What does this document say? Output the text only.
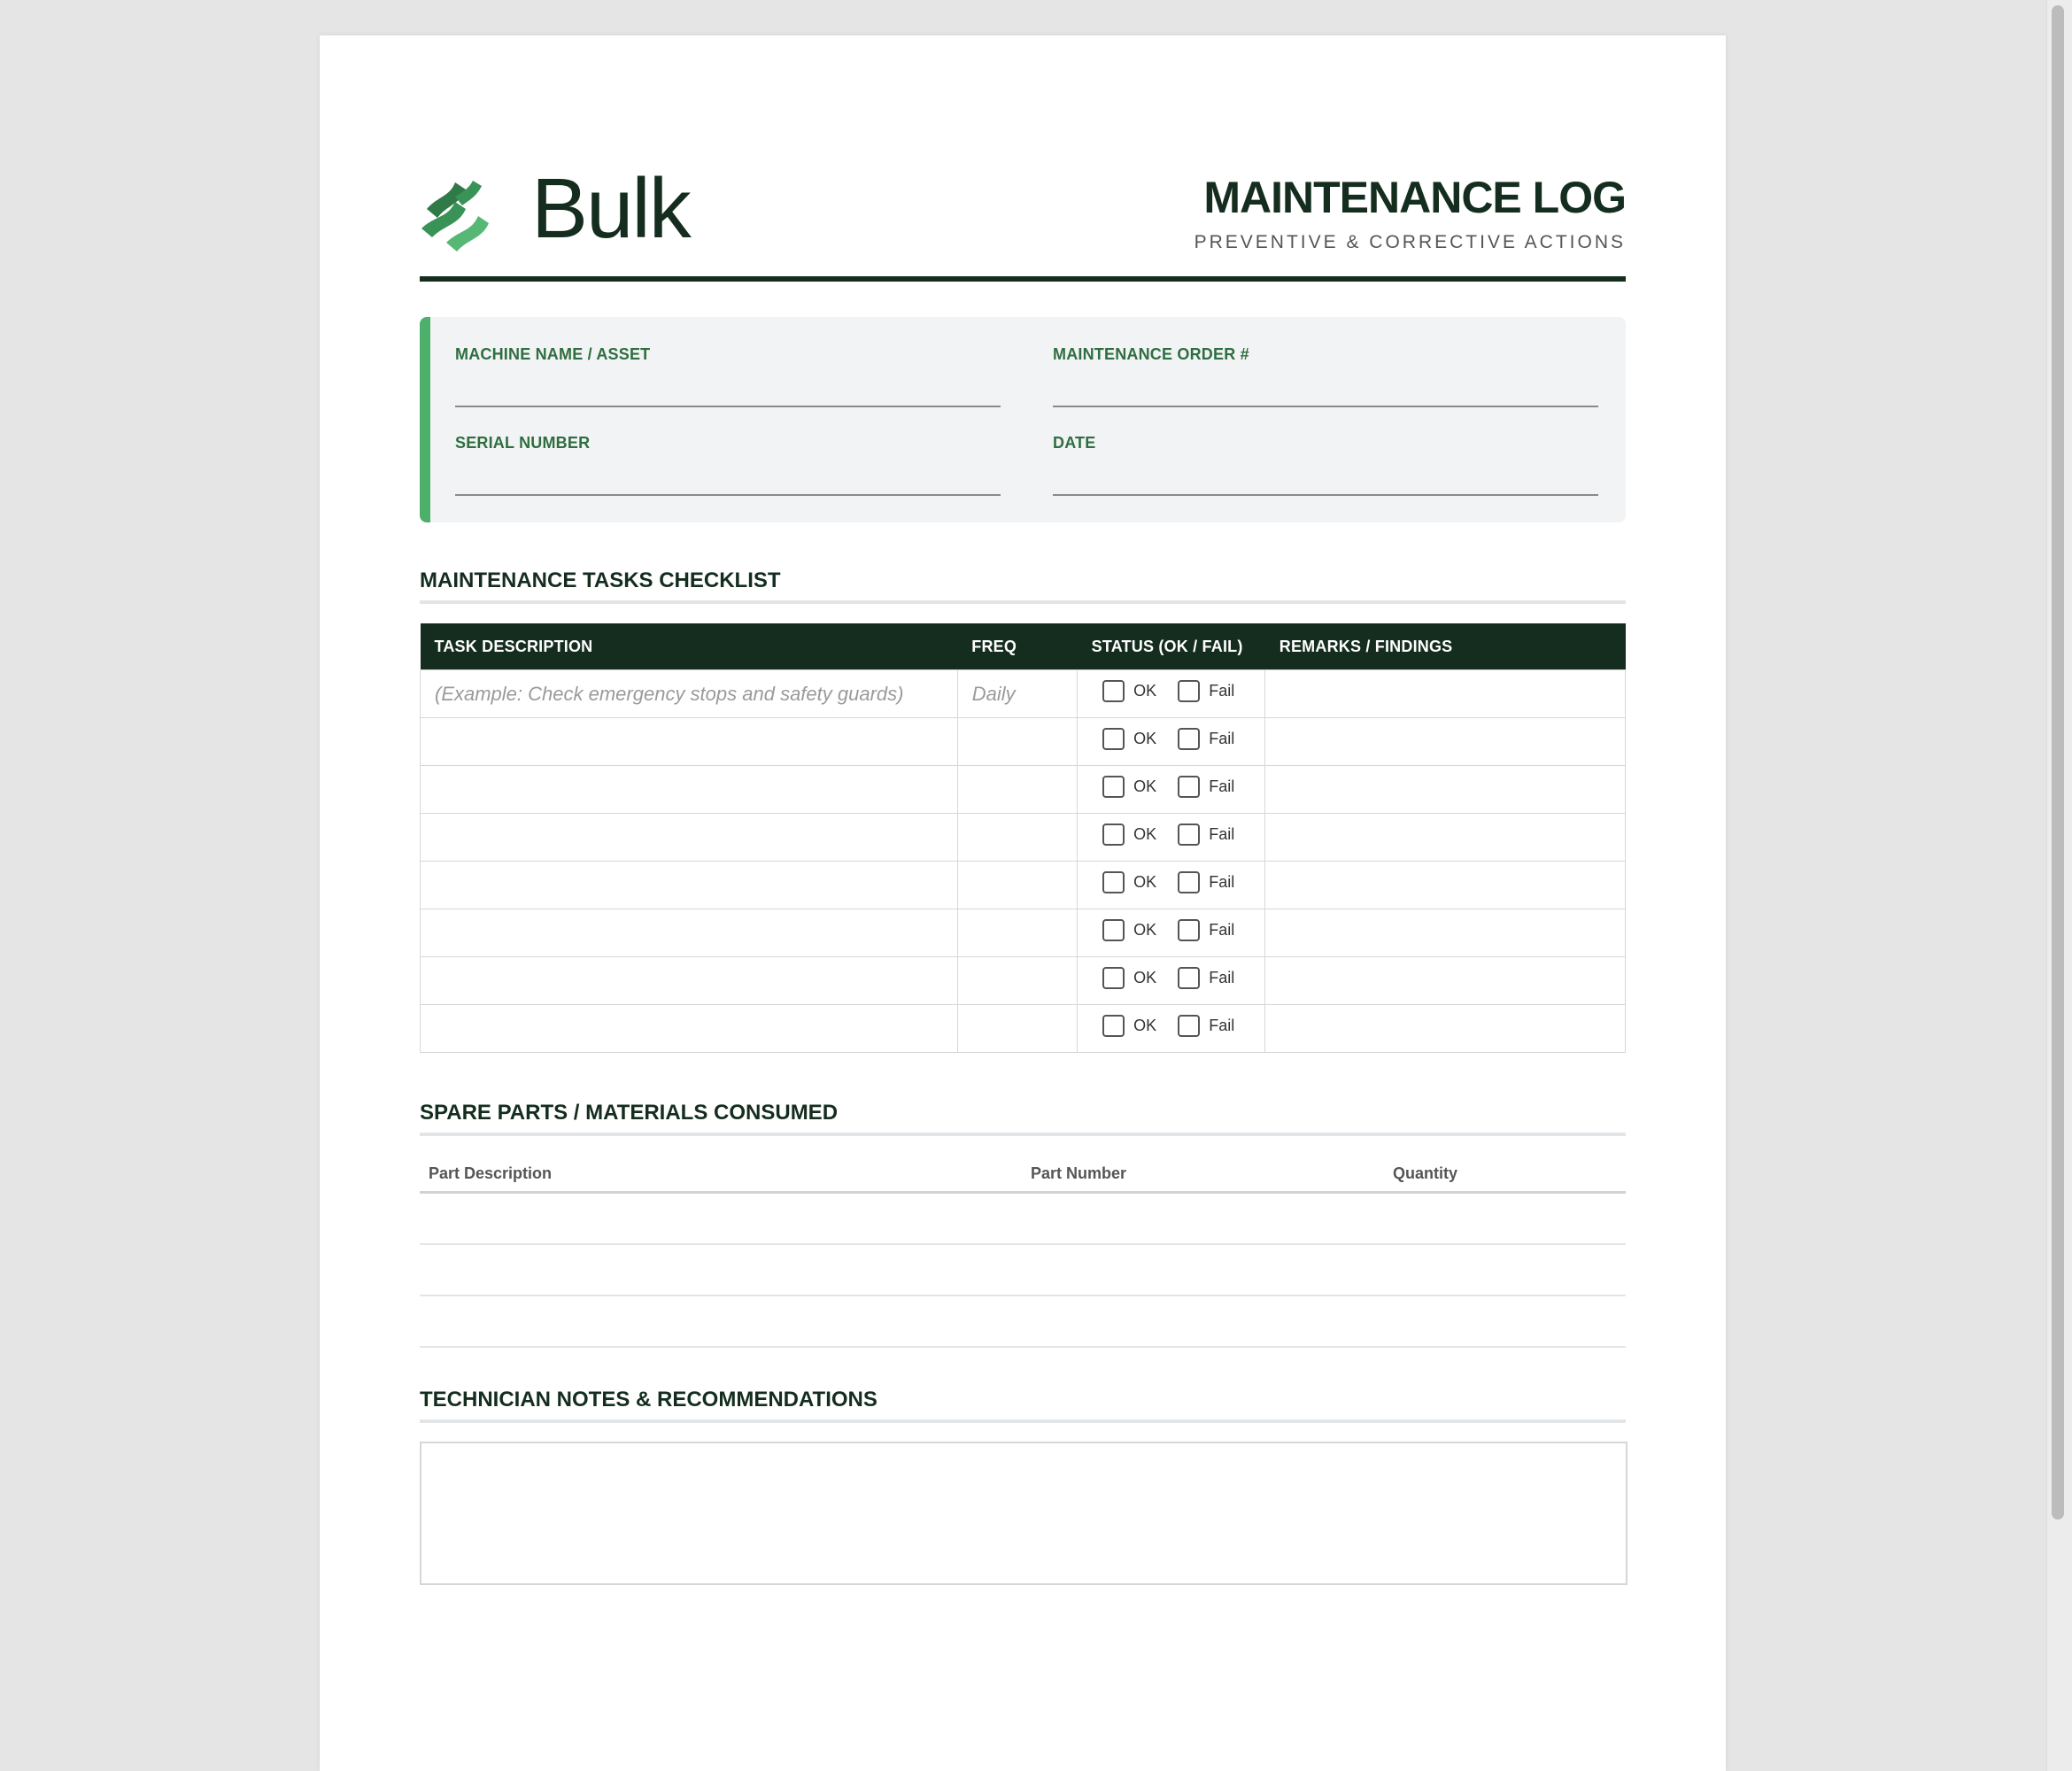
Bulk	MAINTENANCE LOG
PREVENTIVE & CORRECTIVE ACTIONS
MACHINE NAME / ASSET	MAINTENANCE ORDER #
SERIAL NUMBER	DATE
MAINTENANCE TASKS CHECKLIST
TASK DESCRIPTION	FREQ	STATUS (OK / FAIL)	REMARKS / FINDINGS
(Example: Check emergency stops and safety guards)	Daily	OK
Fail	

		OK
Fail	

		OK
Fail	

		OK
Fail	

		OK
Fail	

		OK
Fail	

		OK
Fail	

		OK
Fail	

SPARE PARTS / MATERIALS CONSUMED
Part Description	Part Number	Quantity

TECHNICIAN NOTES & RECOMMENDATIONS
